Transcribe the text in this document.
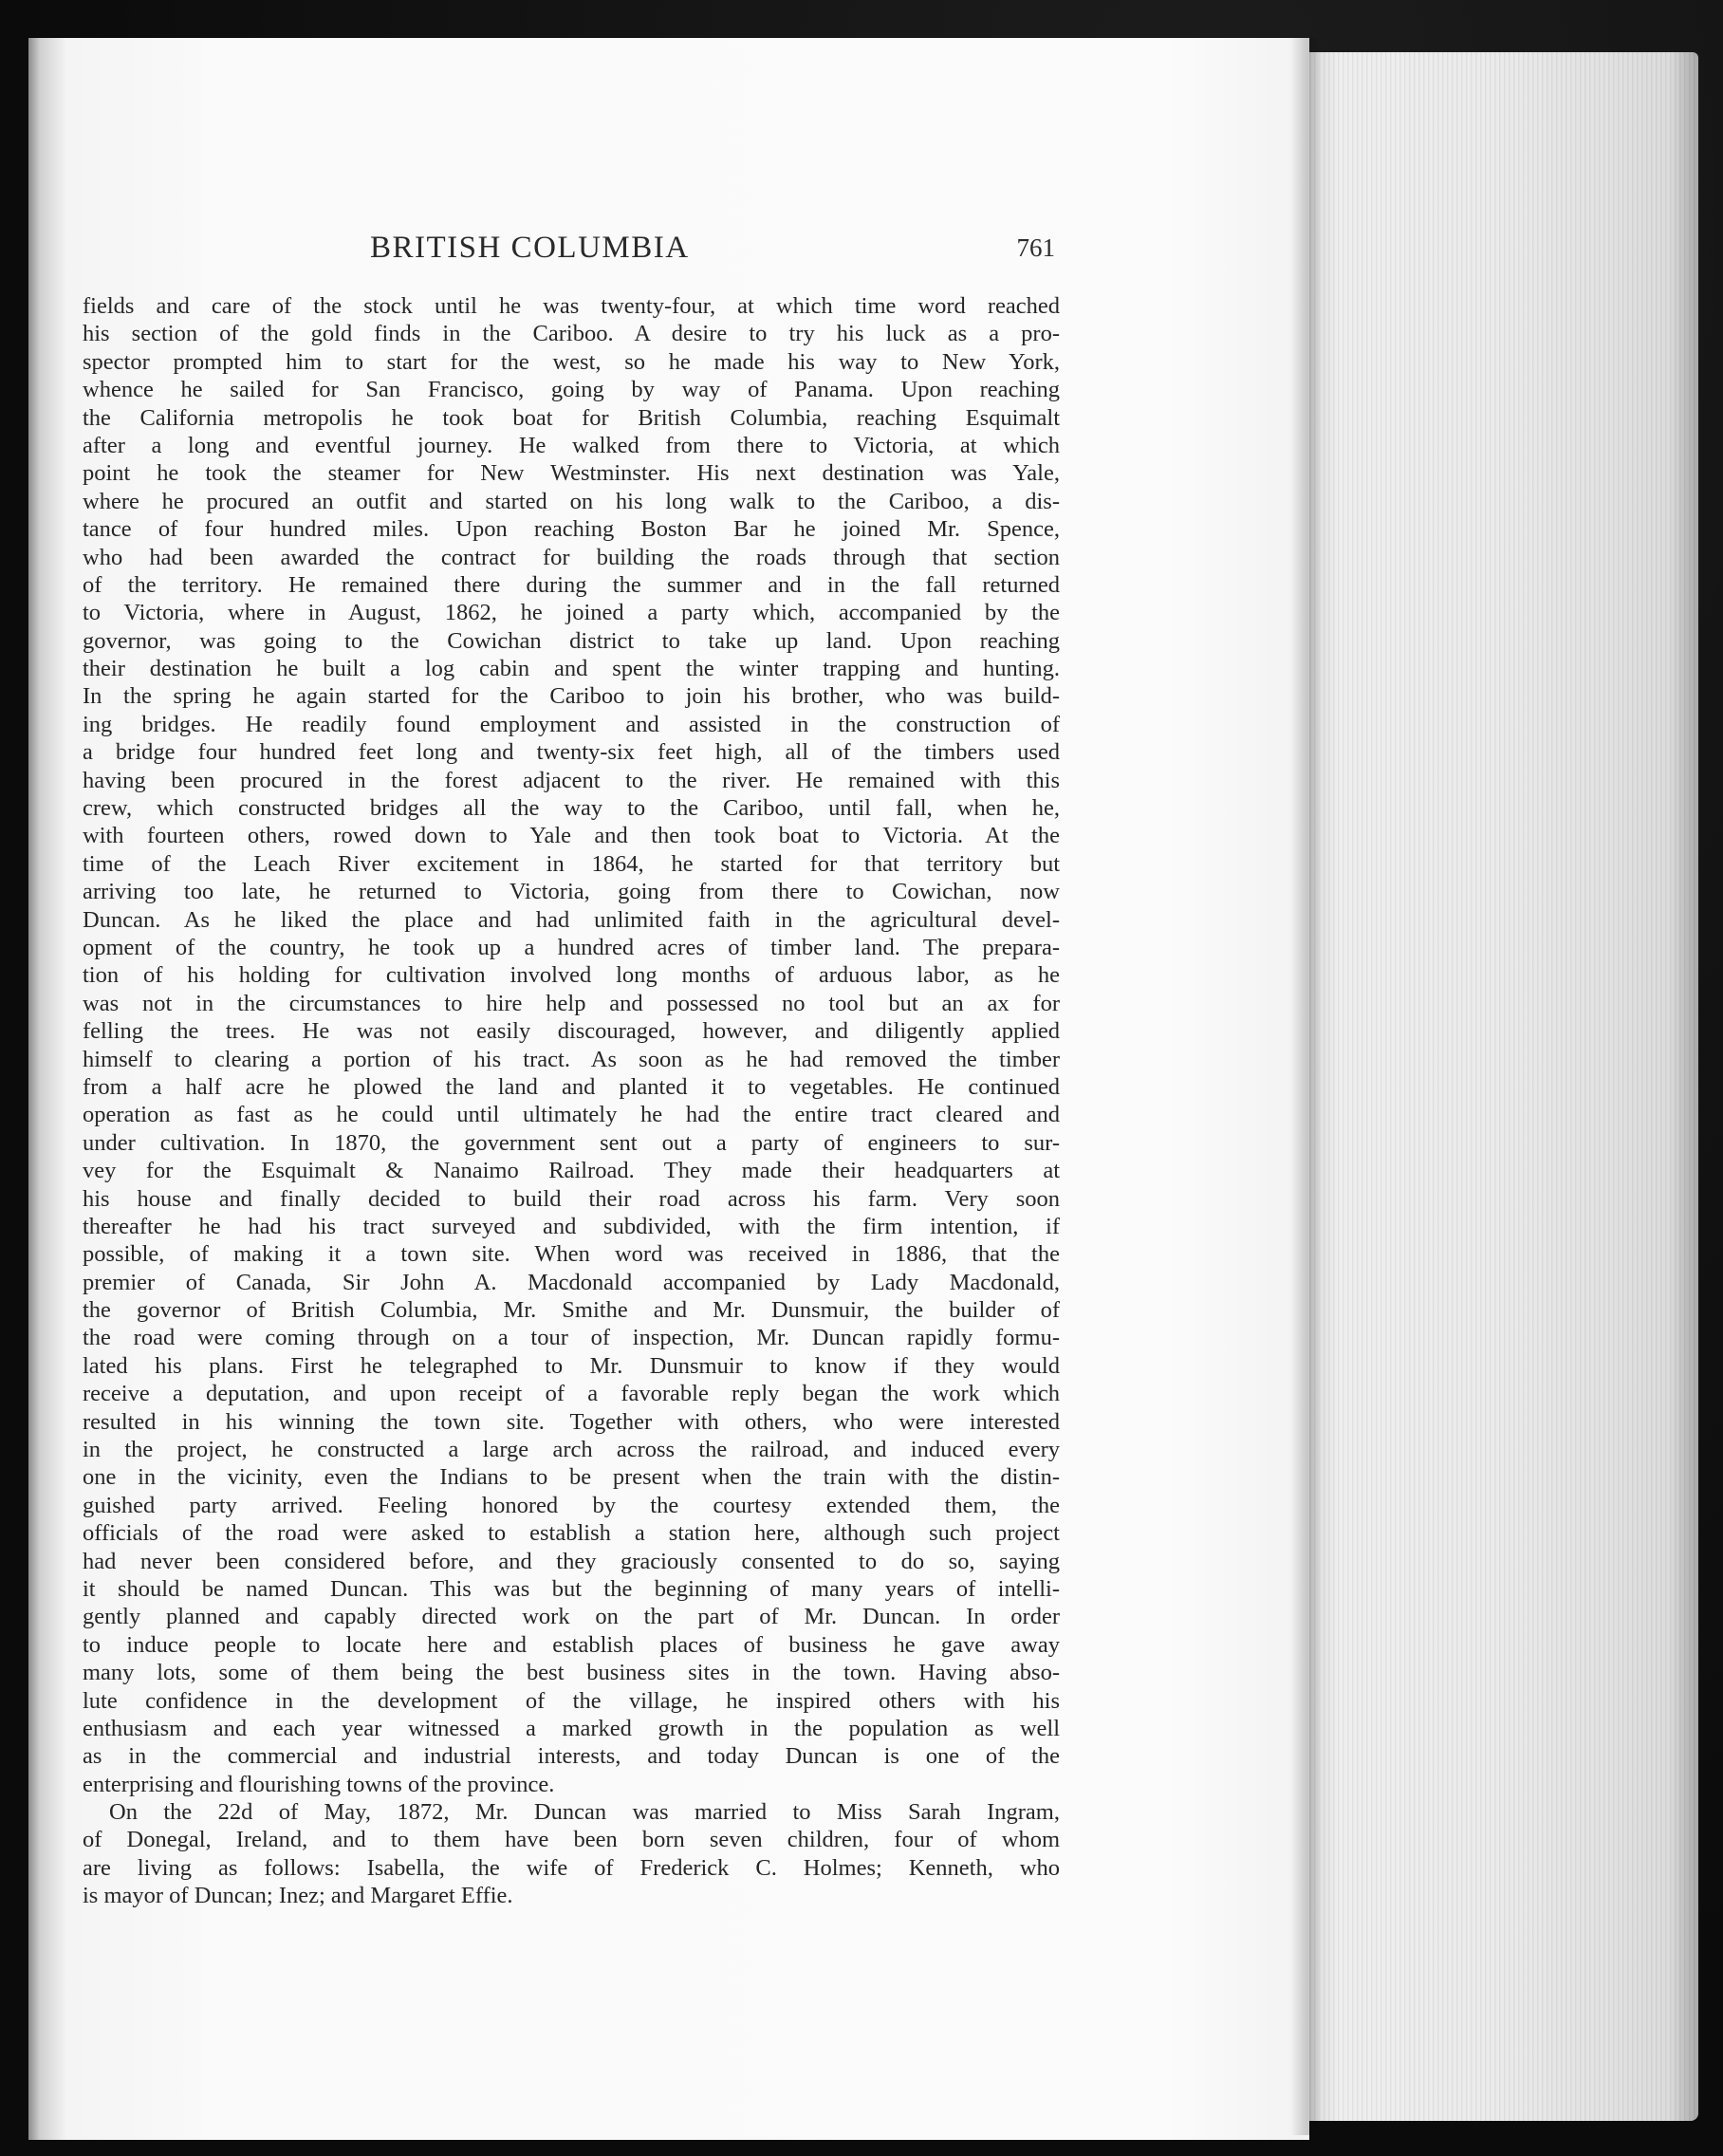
BRITISH COLUMBIA	761

fields and care of the stock until he was twenty-four, at which time word reached
his section of the gold finds in the Cariboo. A desire to try his luck as a pro-
spector prompted him to start for the west, so he made his way to New York,
whence he sailed for San Francisco, going by way of Panama. Upon reaching
the California metropolis he took boat for British Columbia, reaching Esquimalt
after a long and eventful journey. He walked from there to Victoria, at which
point he took the steamer for New Westminster. His next destination was Yale,
where he procured an outfit and started on his long walk to the Cariboo, a dis-
tance of four hundred miles. Upon reaching Boston Bar he joined Mr. Spence,
who had been awarded the contract for building the roads through that section
of the territory. He remained there during the summer and in the fall returned
to Victoria, where in August, 1862, he joined a party which, accompanied by the
governor, was going to the Cowichan district to take up land. Upon reaching
their destination he built a log cabin and spent the winter trapping and hunting.
In the spring he again started for the Cariboo to join his brother, who was build-
ing bridges. He readily found employment and assisted in the construction of
a bridge four hundred feet long and twenty-six feet high, all of the timbers used
having been procured in the forest adjacent to the river. He remained with this
crew, which constructed bridges all the way to the Cariboo, until fall, when he,
with fourteen others, rowed down to Yale and then took boat to Victoria. At the
time of the Leach River excitement in 1864, he started for that territory but
arriving too late, he returned to Victoria, going from there to Cowichan, now
Duncan. As he liked the place and had unlimited faith in the agricultural devel-
opment of the country, he took up a hundred acres of timber land. The prepara-
tion of his holding for cultivation involved long months of arduous labor, as he
was not in the circumstances to hire help and possessed no tool but an ax for
felling the trees. He was not easily discouraged, however, and diligently applied
himself to clearing a portion of his tract. As soon as he had removed the timber
from a half acre he plowed the land and planted it to vegetables. He continued
operation as fast as he could until ultimately he had the entire tract cleared and
under cultivation. In 1870, the government sent out a party of engineers to sur-
vey for the Esquimalt & Nanaimo Railroad. They made their headquarters at
his house and finally decided to build their road across his farm. Very soon
thereafter he had his tract surveyed and subdivided, with the firm intention, if
possible, of making it a town site. When word was received in 1886, that the
premier of Canada, Sir John A. Macdonald accompanied by Lady Macdonald,
the governor of British Columbia, Mr. Smithe and Mr. Dunsmuir, the builder of
the road were coming through on a tour of inspection, Mr. Duncan rapidly formu-
lated his plans. First he telegraphed to Mr. Dunsmuir to know if they would
receive a deputation, and upon receipt of a favorable reply began the work which
resulted in his winning the town site. Together with others, who were interested
in the project, he constructed a large arch across the railroad, and induced every
one in the vicinity, even the Indians to be present when the train with the distin-
guished party arrived. Feeling honored by the courtesy extended them, the
officials of the road were asked to establish a station here, although such project
had never been considered before, and they graciously consented to do so, saying
it should be named Duncan. This was but the beginning of many years of intelli-
gently planned and capably directed work on the part of Mr. Duncan. In order
to induce people to locate here and establish places of business he gave away
many lots, some of them being the best business sites in the town. Having abso-
lute confidence in the development of the village, he inspired others with his
enthusiasm and each year witnessed a marked growth in the population as well
as in the commercial and industrial interests, and today Duncan is one of the
enterprising and flourishing towns of the province.

On the 22d of May, 1872, Mr. Duncan was married to Miss Sarah Ingram,
of Donegal, Ireland, and to them have been born seven children, four of whom
are living as follows: Isabella, the wife of Frederick C. Holmes; Kenneth, who
is mayor of Duncan; Inez; and Margaret Effie.
